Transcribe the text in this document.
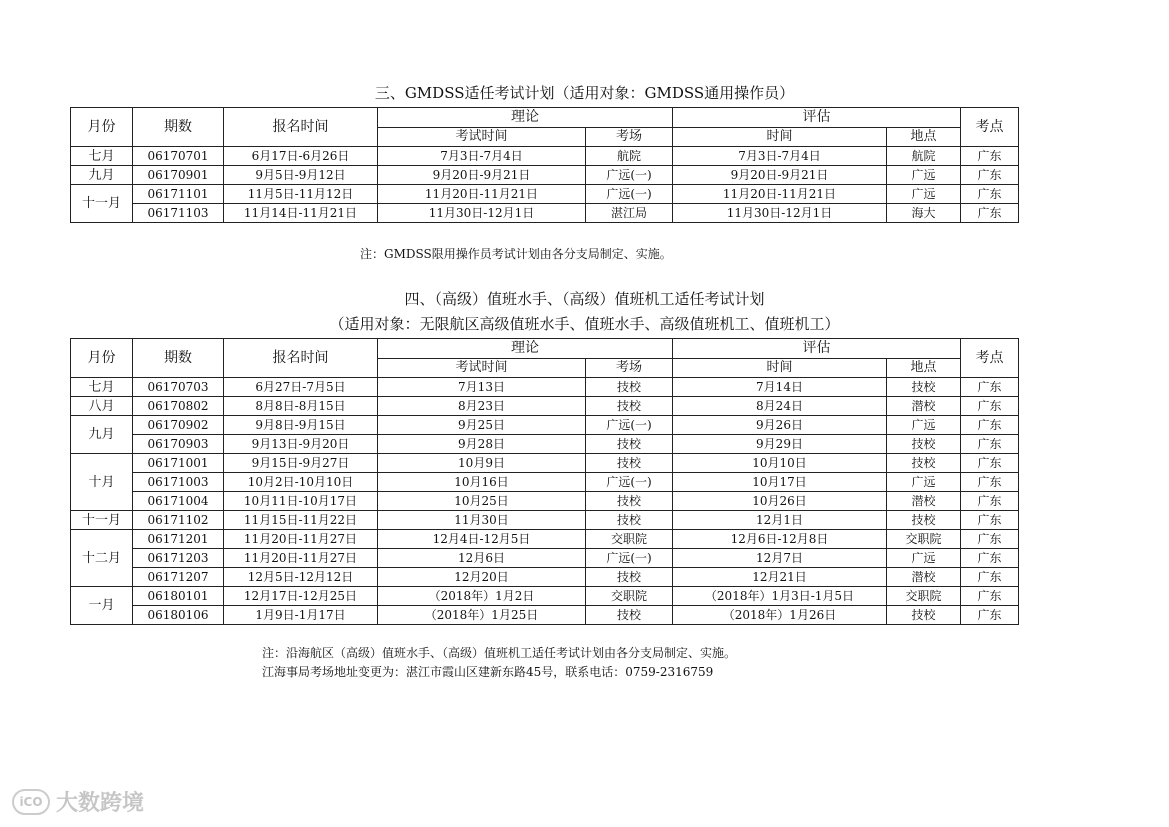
三、GMDSS适任考试计划（适用对象：GMDSS通用操作员）
月份	期数	报名时间	理论		评估		考点
			考试时间	考场	时间	地点	
七月	06170701	6月17日-6月26日	7月3日-7月4日	航院	7月3日-7月4日	航院	广东
九月	06170901	9月5日-9月12日	9月20日-9月21日	广远(一)	9月20日-9月21日	广远	广东
十一月	06171101	11月5日-11月12日	11月20日-11月21日	广远(一)	11月20日-11月21日	广远	广东
	06171103	11月14日-11月21日	11月30日-12月1日	湛江局	11月30日-12月1日	海大	广东
注：GMDSS限用操作员考试计划由各分支局制定、实施。
四、（高级）值班水手、（高级）值班机工适任考试计划
（适用对象：无限航区高级值班水手、值班水手、高级值班机工、值班机工）
月份	期数	报名时间	理论		评估		考点
			考试时间	考场	时间	地点	
七月	06170703	6月27日-7月5日	7月13日	技校	7月14日	技校	广东
八月	06170802	8月8日-8月15日	8月23日	技校	8月24日	潜校	广东
九月	06170902	9月8日-9月15日	9月25日	广远(一)	9月26日	广远	广东
	06170903	9月13日-9月20日	9月28日	技校	9月29日	技校	广东
十月	06171001	9月15日-9月27日	10月9日	技校	10月10日	技校	广东
	06171003	10月2日-10月10日	10月16日	广远(一)	10月17日	广远	广东
	06171004	10月11日-10月17日	10月25日	技校	10月26日	潜校	广东
十一月	06171102	11月15日-11月22日	11月30日	技校	12月1日	技校	广东
十二月	06171201	11月20日-11月27日	12月4日-12月5日	交职院	12月6日-12月8日	交职院	广东
	06171203	11月20日-11月27日	12月6日	广远(一)	12月7日	广远	广东
	06171207	12月5日-12月12日	12月20日	技校	12月21日	潜校	广东
一月	06180101	12月17日-12月25日	（2018年）1月2日	交职院	（2018年）1月3日-1月5日	交职院	广东
	06180106	1月9日-1月17日	（2018年）1月25日	技校	（2018年）1月26日	技校	广东
注：沿海航区（高级）值班水手、（高级）值班机工适任考试计划由各分支局制定、实施。
江海事局考场地址变更为：湛江市霞山区建新东路45号，联系电话：0759-2316759
iCO 大数跨境
